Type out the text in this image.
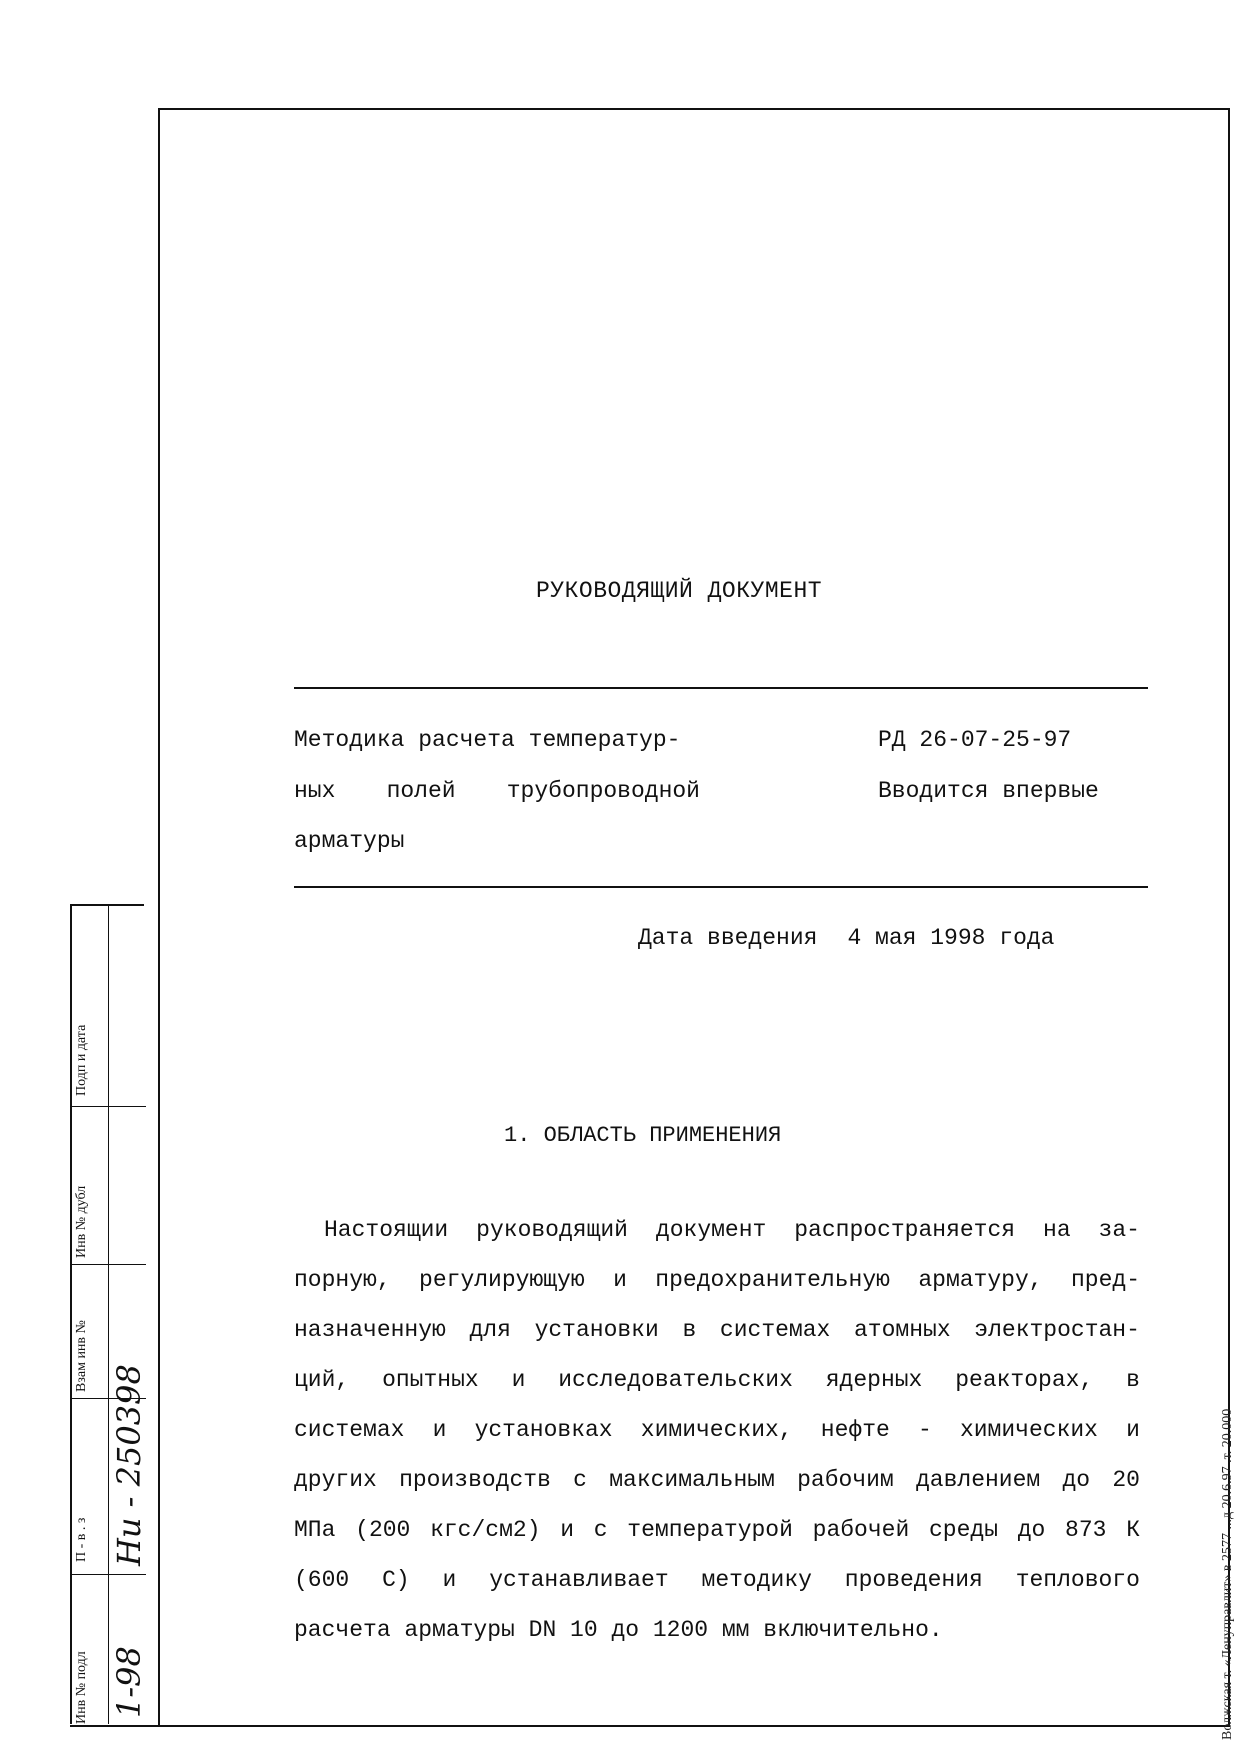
РУКОВОДЯЩИЙ ДОКУМЕНТ
Методика расчета температур-
ных полей трубопроводной
арматуры
РД 26-07-25-97
Вводится впервые
Дата введения 4 мая 1998 года
1. ОБЛАСТЬ ПРИМЕНЕНИЯ
Настоящии руководящий документ распространяется на за-
порную, регулирующую и предохранительную арматуру, пред-
назначенную для установки в системах атомных электростан-
ций, опытных и исследовательских ядерных реакторах, в
системах и установках химических, нефте - химических и
других производств с максимальным рабочим давлением до 20
МПа (200 кгс/см2) и с температурой рабочей среды до 873 К
(600 С) и устанавливает методику проведения теплового
расчета арматуры DN 10 до 1200 мм включительно.
Инв № подл
П - в . з
Взам инв №
Инв № дубл
Подп и дата
1-98
Hu - 250398	Волжская т. «Ленуправлит» в 2577 ...д 20.6.97 .т. 20.000
